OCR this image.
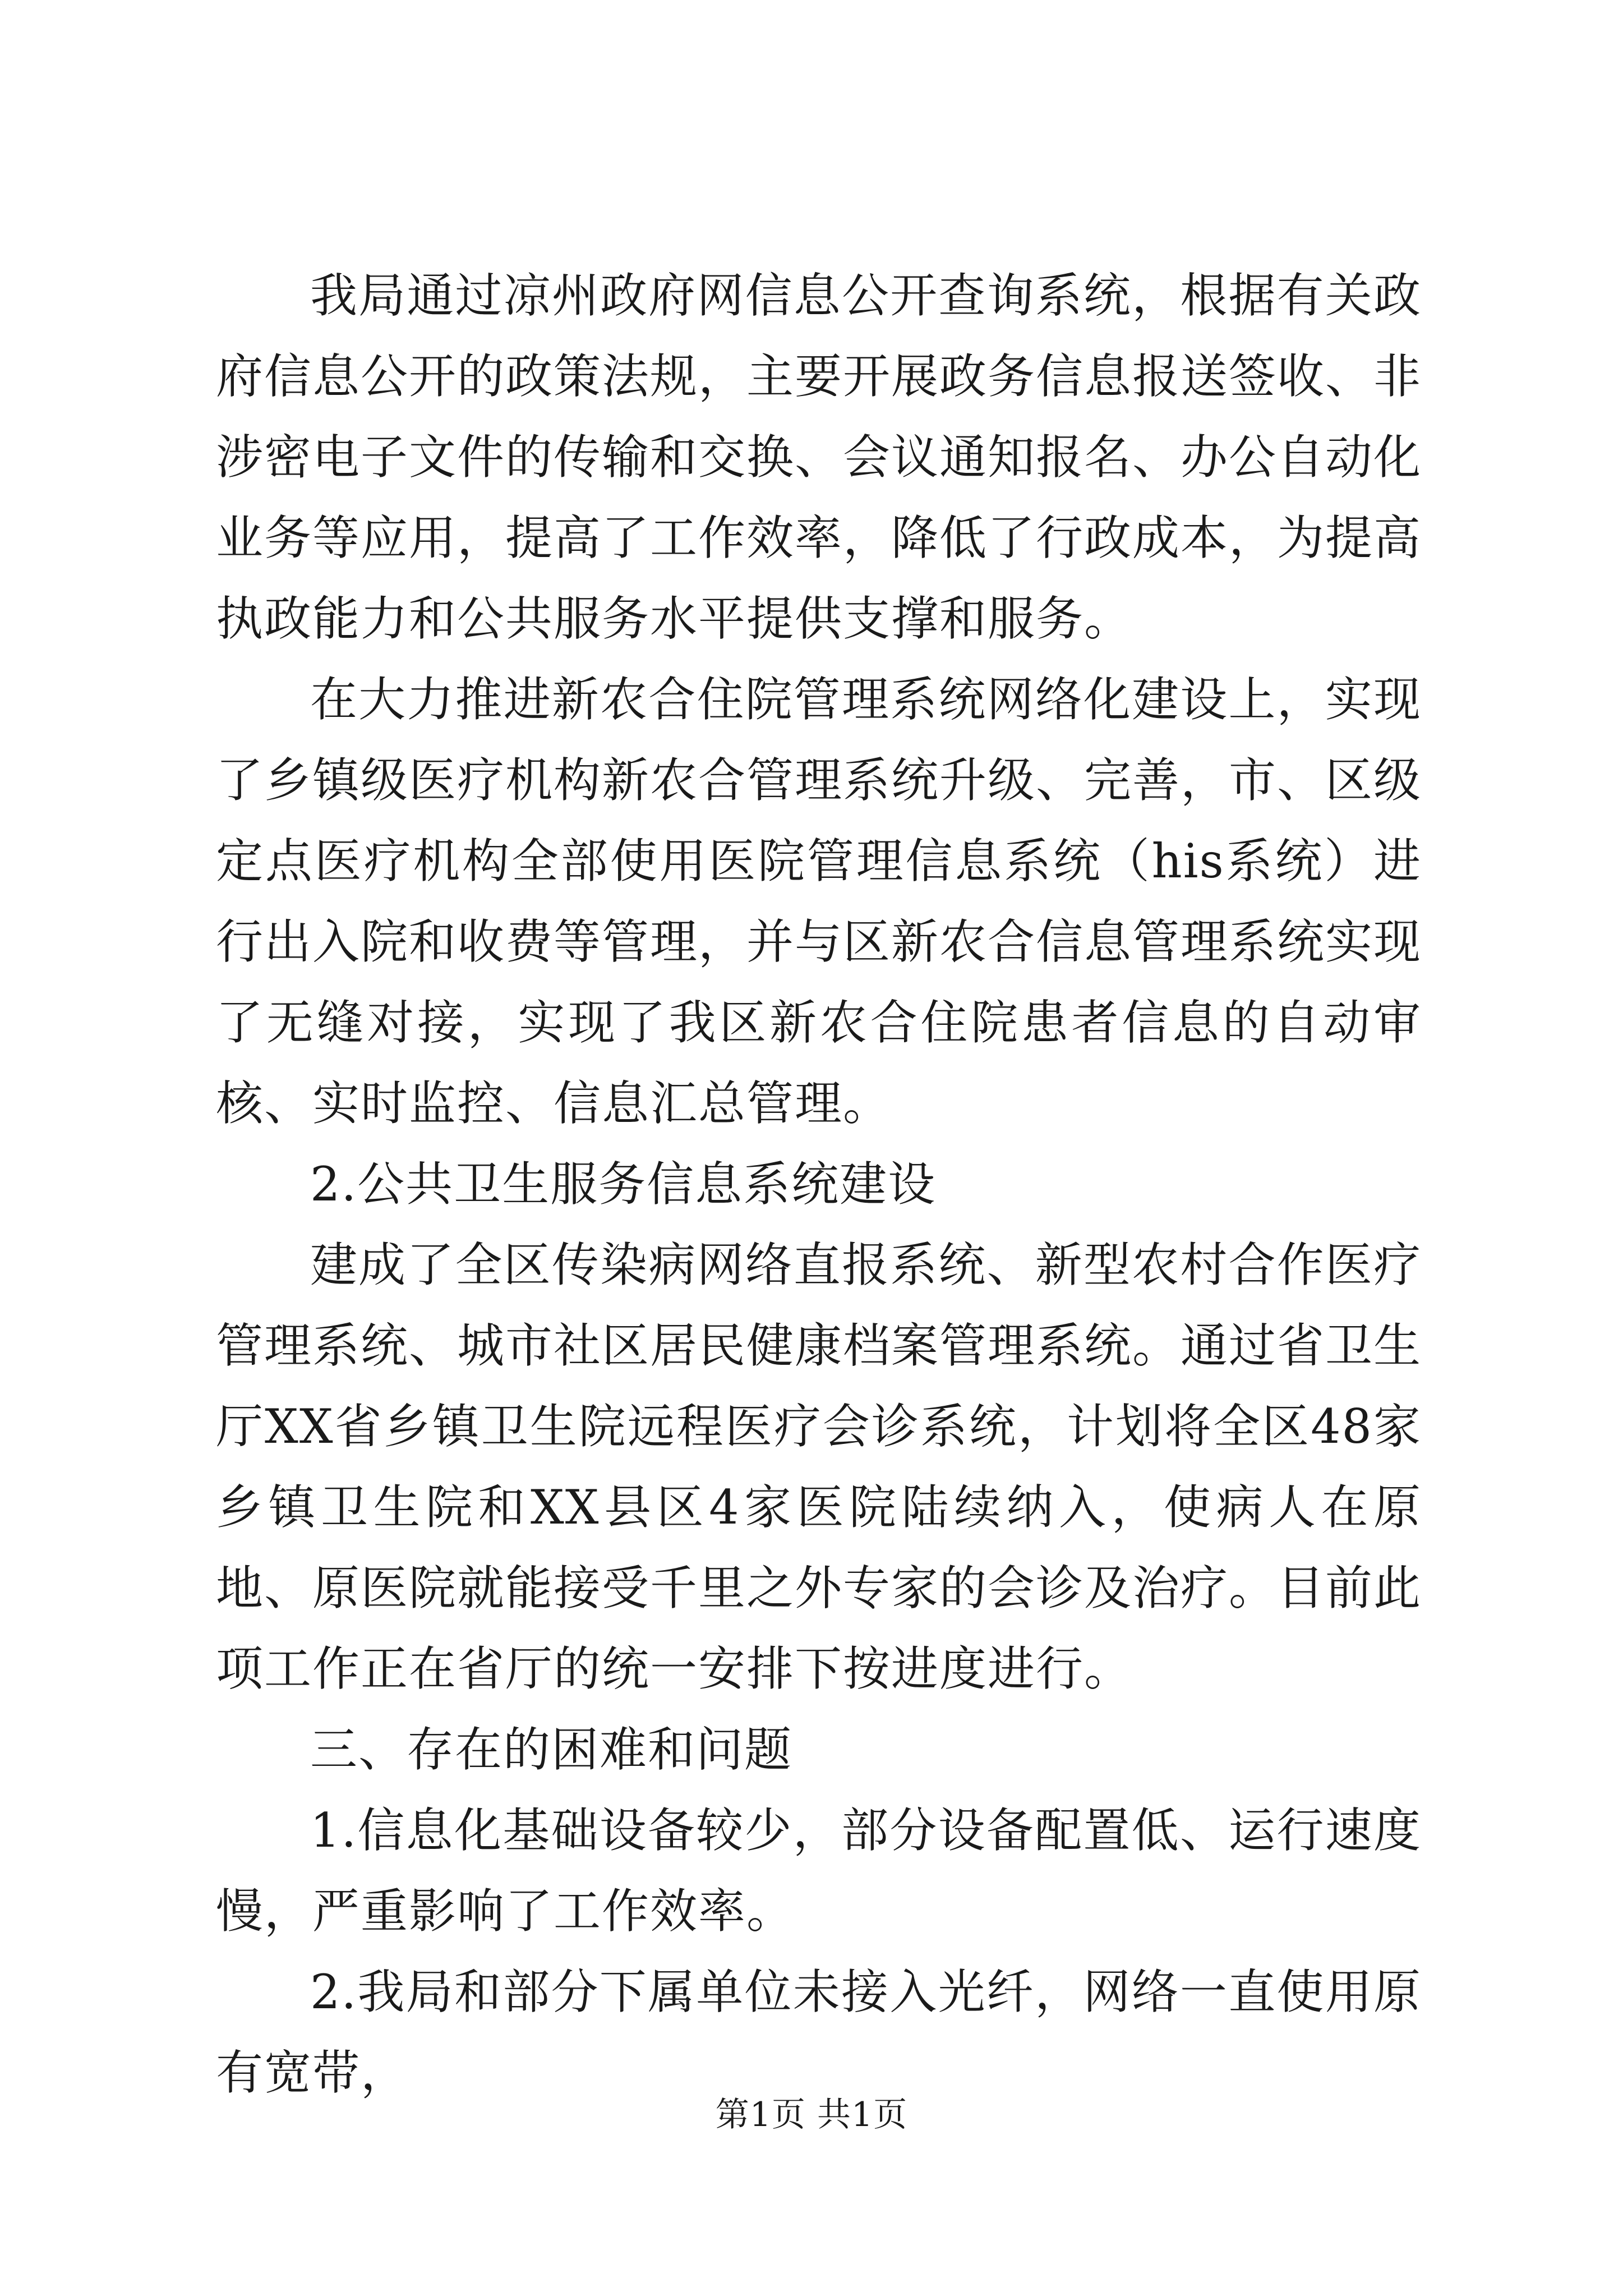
我局通过凉州政府网信息公开查询系统，根据有关政府信息公开的政策法规，主要开展政务信息报送签收、非涉密电子文件的传输和交换、会议通知报名、办公自动化业务等应用，提高了工作效率，降低了行政成本，为提高执政能力和公共服务水平提供支撑和服务。

在大力推进新农合住院管理系统网络化建设上，实现了乡镇级医疗机构新农合管理系统升级、完善，市、区级定点医疗机构全部使用医院管理信息系统（his系统）进行出入院和收费等管理，并与区新农合信息管理系统实现了无缝对接，实现了我区新农合住院患者信息的自动审核、实时监控、信息汇总管理。

2.公共卫生服务信息系统建设

建成了全区传染病网络直报系统、新型农村合作医疗管理系统、城市社区居民健康档案管理系统。通过省卫生厅XX省乡镇卫生院远程医疗会诊系统，计划将全区48家乡镇卫生院和XX县区4家医院陆续纳入，使病人在原地、原医院就能接受千里之外专家的会诊及治疗。目前此项工作正在省厅的统一安排下按进度进行。

三、存在的困难和问题

1.信息化基础设备较少，部分设备配置低、运行速度慢，严重影响了工作效率。

2.我局和部分下属单位未接入光纤，网络一直使用原有宽带，

第1页 共1页
